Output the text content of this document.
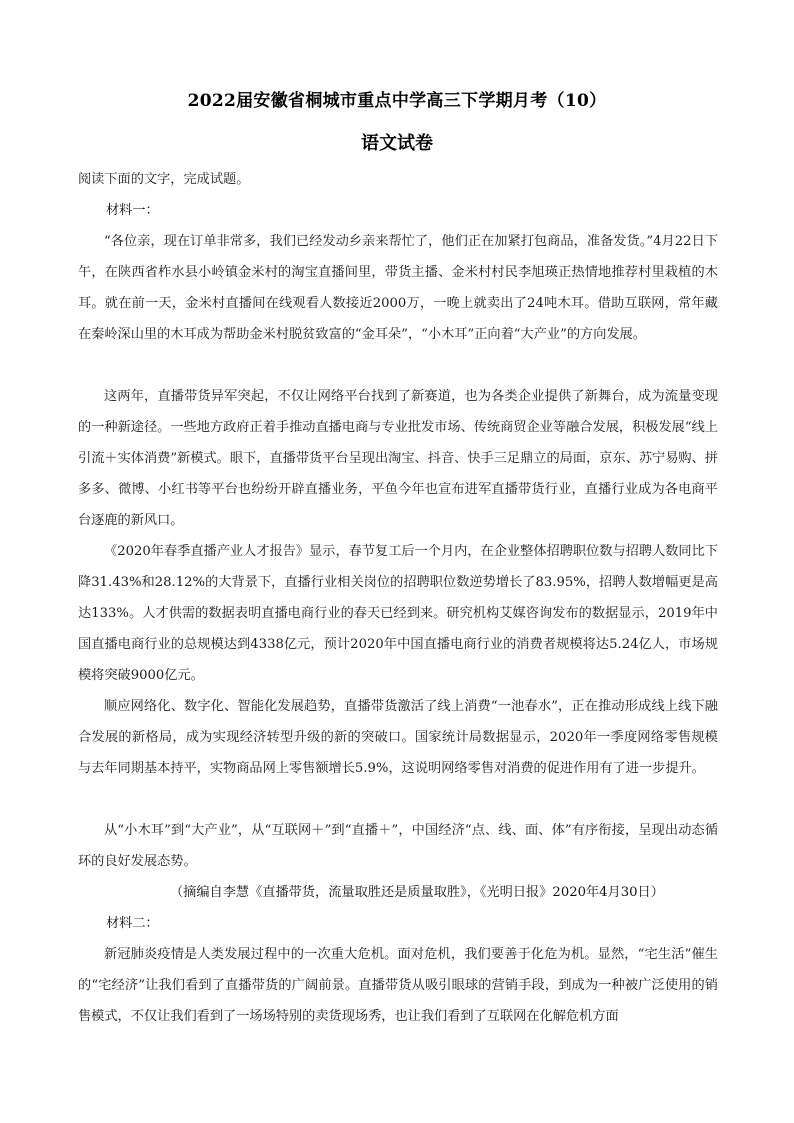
2022届安徽省桐城市重点中学高三下学期月考（10）
语文试卷

阅读下面的文字，完成试题。

材料一：

“各位亲，现在订单非常多，我们已经发动乡亲来帮忙了，他们正在加紧打包商品，准备发货。”4月22日下午，在陕西省柞水县小岭镇金米村的淘宝直播间里，带货主播、金米村村民李旭瑛正热情地推荐村里栽植的木耳。就在前一天，金米村直播间在线观看人数接近2000万，一晚上就卖出了24吨木耳。借助互联网，常年藏在秦岭深山里的木耳成为帮助金米村脱贫致富的“金耳朵”，“小木耳”正向着“大产业”的方向发展。

这两年，直播带货异军突起，不仅让网络平台找到了新赛道，也为各类企业提供了新舞台，成为流量变现的一种新途径。一些地方政府正着手推动直播电商与专业批发市场、传统商贸企业等融合发展，积极发展“线上引流＋实体消费”新模式。眼下，直播带货平台呈现出淘宝、抖音、快手三足鼎立的局面，京东、苏宁易购、拼多多、微博、小红书等平台也纷纷开辟直播业务，平鱼今年也宣布进军直播带货行业，直播行业成为各电商平台逐鹿的新风口。

《2020年春季直播产业人才报告》显示，春节复工后一个月内，在企业整体招聘职位数与招聘人数同比下降31.43%和28.12%的大背景下，直播行业相关岗位的招聘职位数逆势增长了83.95%，招聘人数增幅更是高达133%。人才供需的数据表明直播电商行业的春天已经到来。研究机构艾媒咨询发布的数据显示，2019年中国直播电商行业的总规模达到4338亿元，预计2020年中国直播电商行业的消费者规模将达5.24亿人，市场规模将突破9000亿元。

顺应网络化、数字化、智能化发展趋势，直播带货激活了线上消费“一池春水”，正在推动形成线上线下融合发展的新格局，成为实现经济转型升级的新的突破口。国家统计局数据显示，2020年一季度网络零售规模与去年同期基本持平，实物商品网上零售额增长5.9%，这说明网络零售对消费的促进作用有了进一步提升。

从“小木耳”到“大产业”，从“互联网＋”到“直播＋”，中国经济“点、线、面、体”有序衔接，呈现出动态循环的良好发展态势。

（摘编自李慧《直播带货，流量取胜还是质量取胜》，《光明日报》2020年4月30日）

材料二：

新冠肺炎疫情是人类发展过程中的一次重大危机。面对危机，我们要善于化危为机。显然，“宅生活”催生的“宅经济”让我们看到了直播带货的广阔前景。直播带货从吸引眼球的营销手段，到成为一种被广泛使用的销售模式，不仅让我们看到了一场场特别的卖货现场秀，也让我们看到了互联网在化解危机方面
